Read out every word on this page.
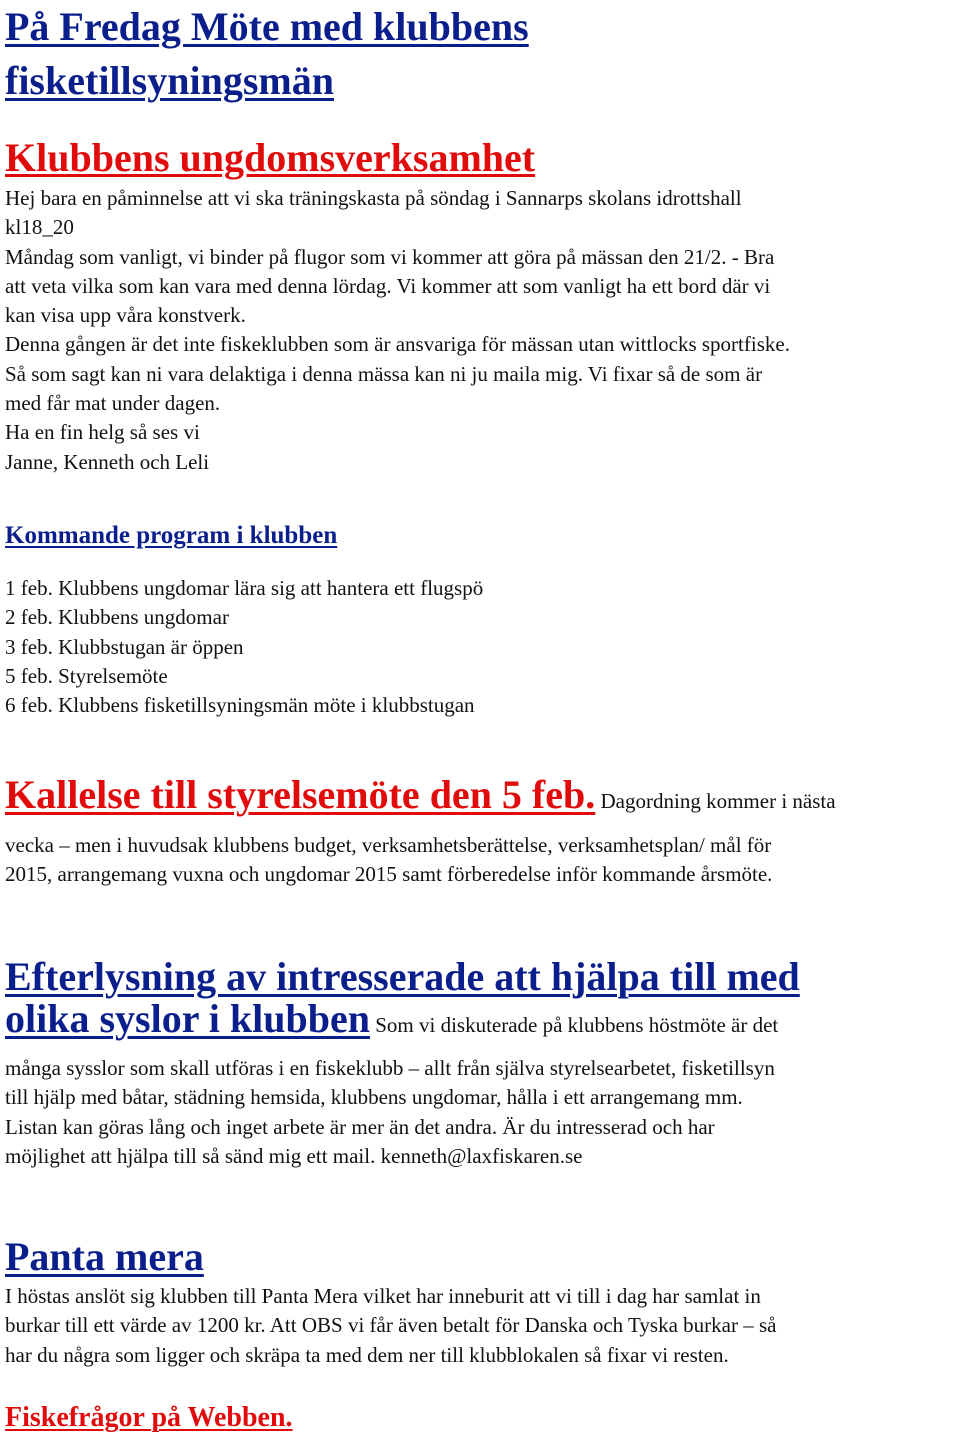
På Fredag Möte med klubbens
fisketillsyningsmän
Klubbens ungdomsverksamhet

Hej bara en påminnelse att vi ska träningskasta på söndag i Sannarps skolans idrottshall

kl18_20

Måndag som vanligt, vi binder på flugor som vi kommer att göra på mässan den 21/2. - Bra

att veta vilka som kan vara med denna lördag. Vi kommer att som vanligt ha ett bord där vi

kan visa upp våra konstverk.

Denna gången är det inte fiskeklubben som är ansvariga för mässan utan wittlocks sportfiske.

Så som sagt kan ni vara delaktiga i denna mässa kan ni ju maila mig. Vi fixar så de som är

med får mat under dagen.

Ha en fin helg så ses vi

Janne, Kenneth och Leli

Kommande program i klubben
1 feb. Klubbens ungdomar lära sig att hantera ett flugspö
2 feb. Klubbens ungdomar
3 feb. Klubbstugan är öppen
5 feb. Styrelsemöte
6 feb. Klubbens fisketillsyningsmän möte i klubbstugan

Kallelse till styrelsemöte den 5 feb. Dagordning kommer i nästa

vecka – men i huvudsak klubbens budget, verksamhetsberättelse, verksamhetsplan/ mål för

2015, arrangemang vuxna och ungdomar 2015 samt förberedelse inför kommande årsmöte.

Efterlysning av intresserade att hjälpa till med

olika syslor i klubben Som vi diskuterade på klubbens höstmöte är det

många sysslor som skall utföras i en fiskeklubb – allt från själva styrelsearbetet, fisketillsyn

till hjälp med båtar, städning hemsida, klubbens ungdomar, hålla i ett arrangemang mm.

Listan kan göras lång och inget arbete är mer än det andra. Är du intresserad och har

möjlighet att hjälpa till så sänd mig ett mail. kenneth@laxfiskaren.se

Panta mera

I höstas anslöt sig klubben till Panta Mera vilket har inneburit att vi till i dag har samlat in

burkar till ett värde av 1200 kr. Att OBS vi får även betalt för Danska och Tyska burkar – så

har du några som ligger och skräpa ta med dem ner till klubblokalen så fixar vi resten.

Fiskefrågor på Webben.
